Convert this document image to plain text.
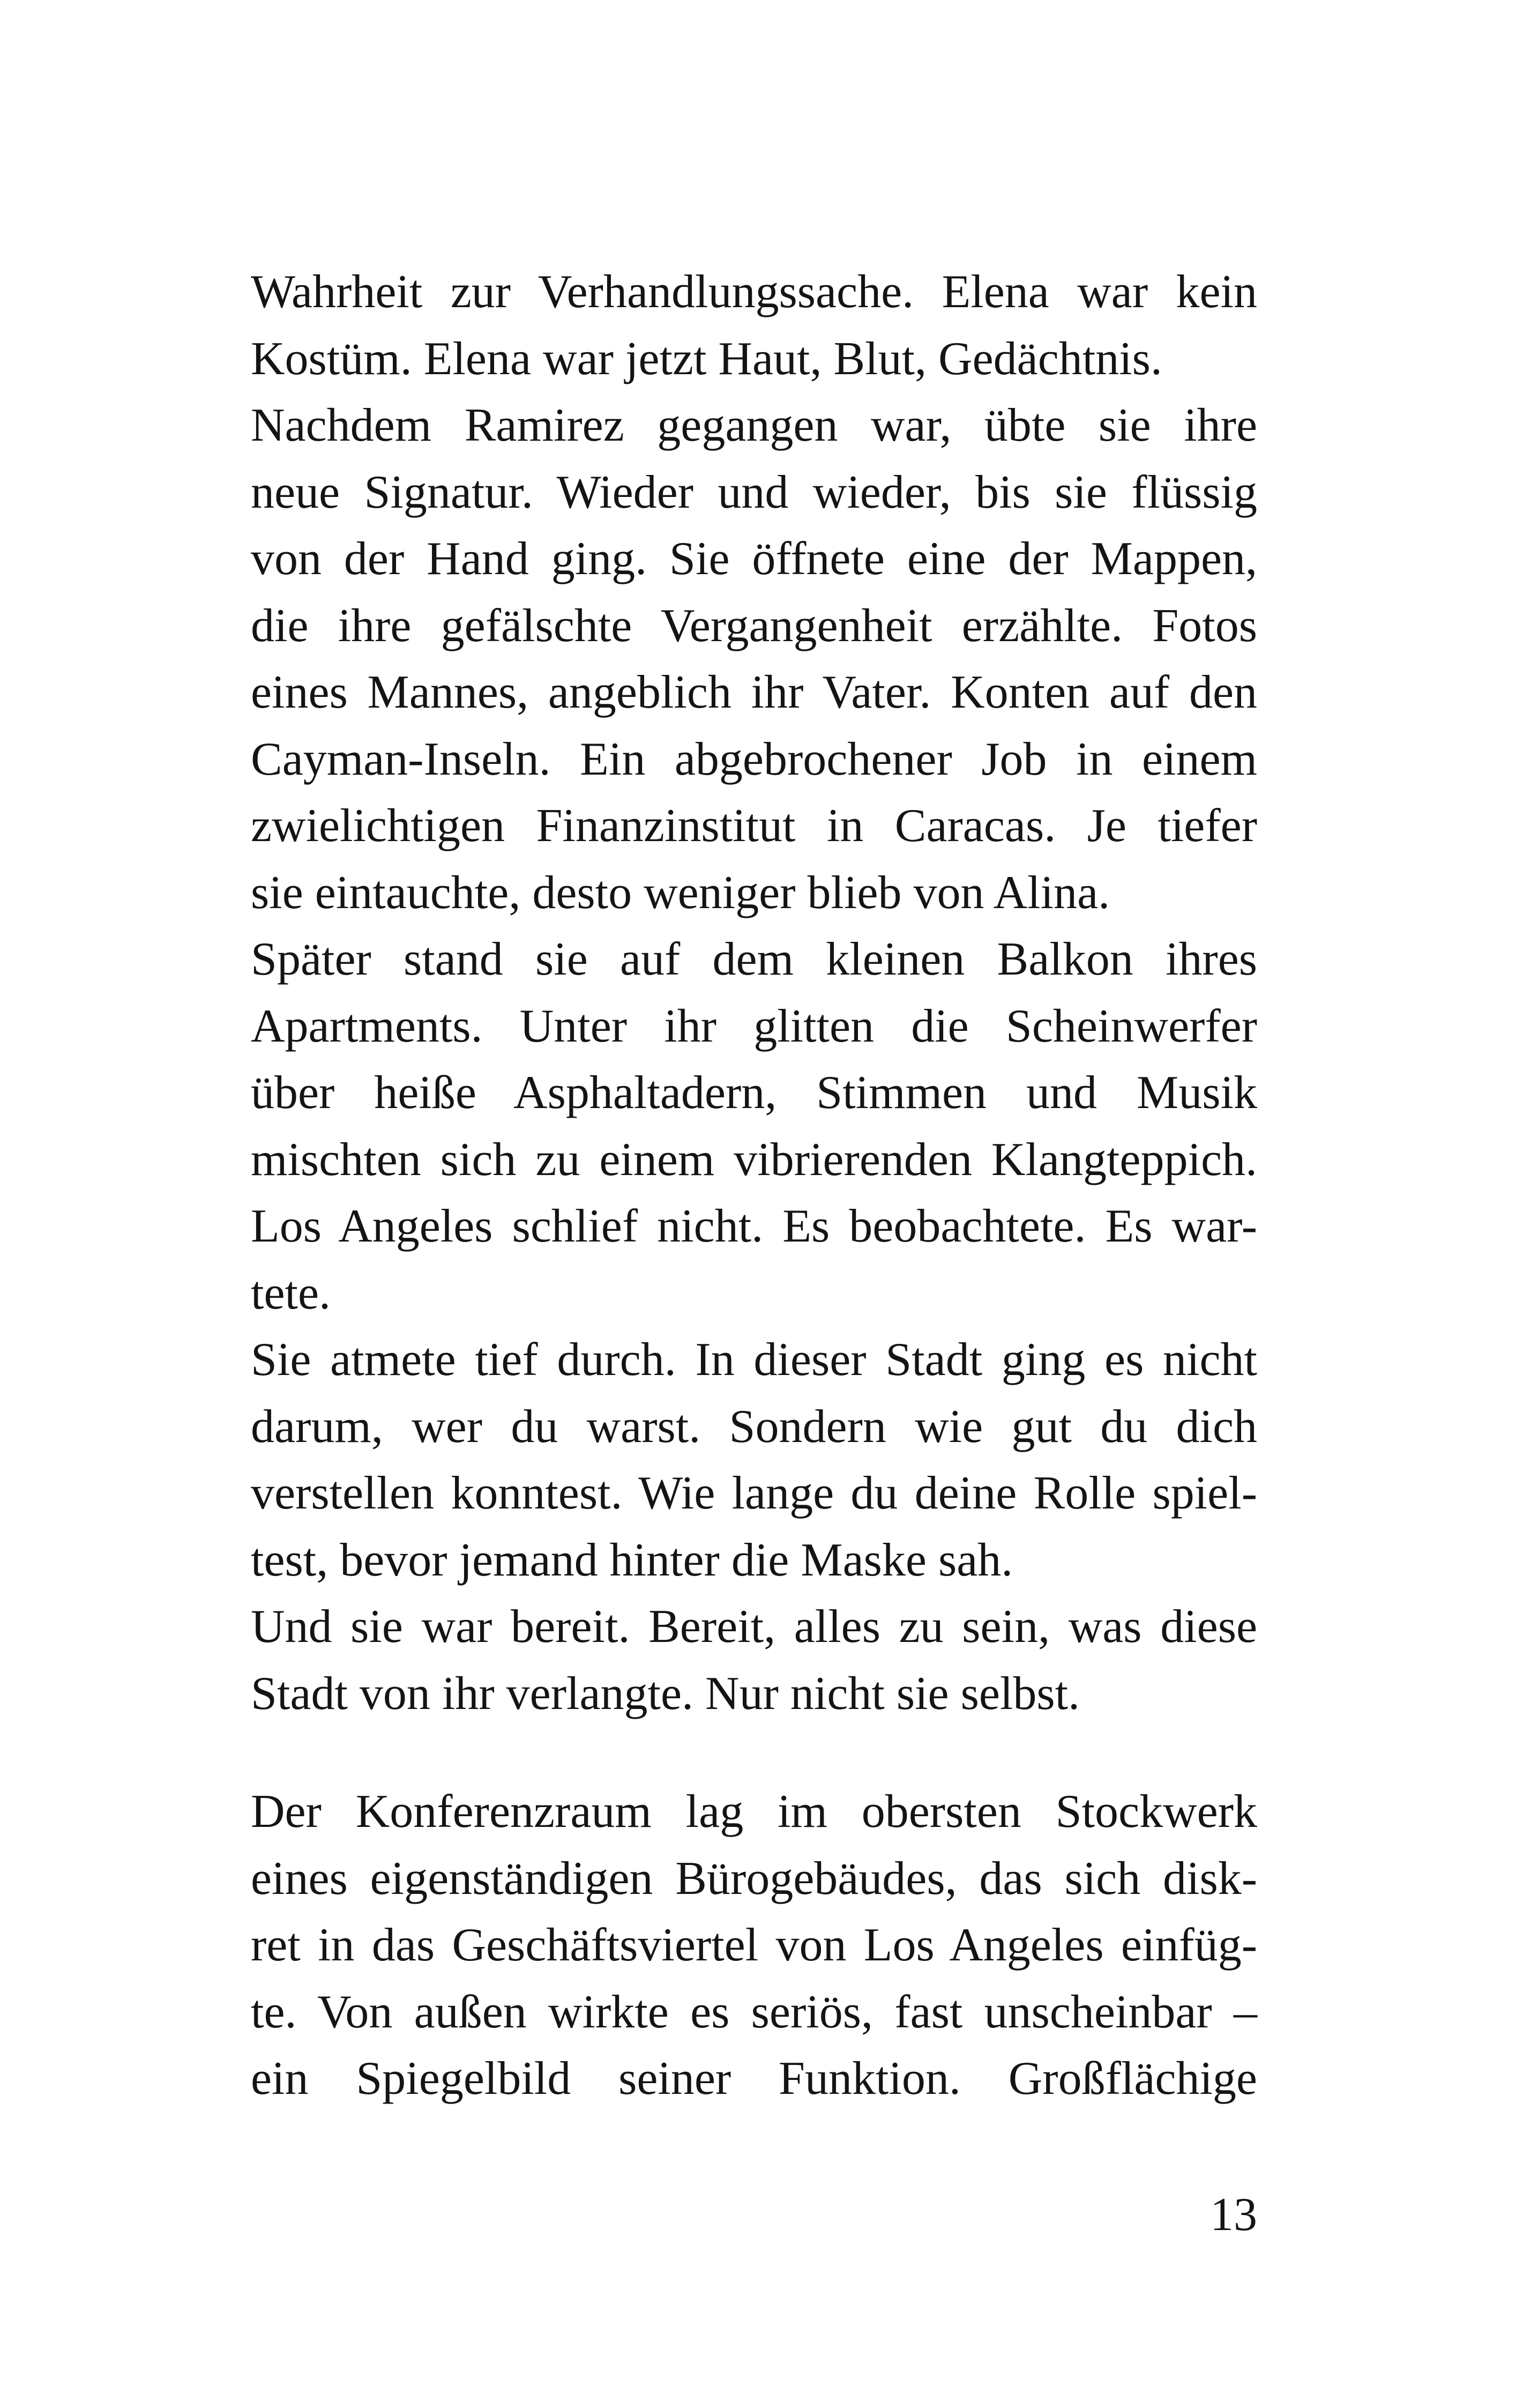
Wahrheit zur Verhandlungssache. Elena war kein
Kostüm. Elena war jetzt Haut, Blut, Gedächtnis.
Nachdem Ramirez gegangen war, übte sie ihre
neue Signatur. Wieder und wieder, bis sie flüssig
von der Hand ging. Sie öffnete eine der Mappen,
die ihre gefälschte Vergangenheit erzählte. Fotos
eines Mannes, angeblich ihr Vater. Konten auf den
Cayman-Inseln. Ein abgebrochener Job in einem
zwielichtigen Finanzinstitut in Caracas. Je tiefer
sie eintauchte, desto weniger blieb von Alina.
Später stand sie auf dem kleinen Balkon ihres
Apartments. Unter ihr glitten die Scheinwerfer
über heiße Asphaltadern, Stimmen und Musik
mischten sich zu einem vibrierenden Klangteppich.
Los Angeles schlief nicht. Es beobachtete. Es war-
tete.
Sie atmete tief durch. In dieser Stadt ging es nicht
darum, wer du warst. Sondern wie gut du dich
verstellen konntest. Wie lange du deine Rolle spiel-
test, bevor jemand hinter die Maske sah.
Und sie war bereit. Bereit, alles zu sein, was diese
Stadt von ihr verlangte. Nur nicht sie selbst.
Der Konferenzraum lag im obersten Stockwerk
eines eigenständigen Bürogebäudes, das sich disk-
ret in das Geschäftsviertel von Los Angeles einfüg-
te. Von außen wirkte es seriös, fast unscheinbar –
ein Spiegelbild seiner Funktion. Großflächige
13
